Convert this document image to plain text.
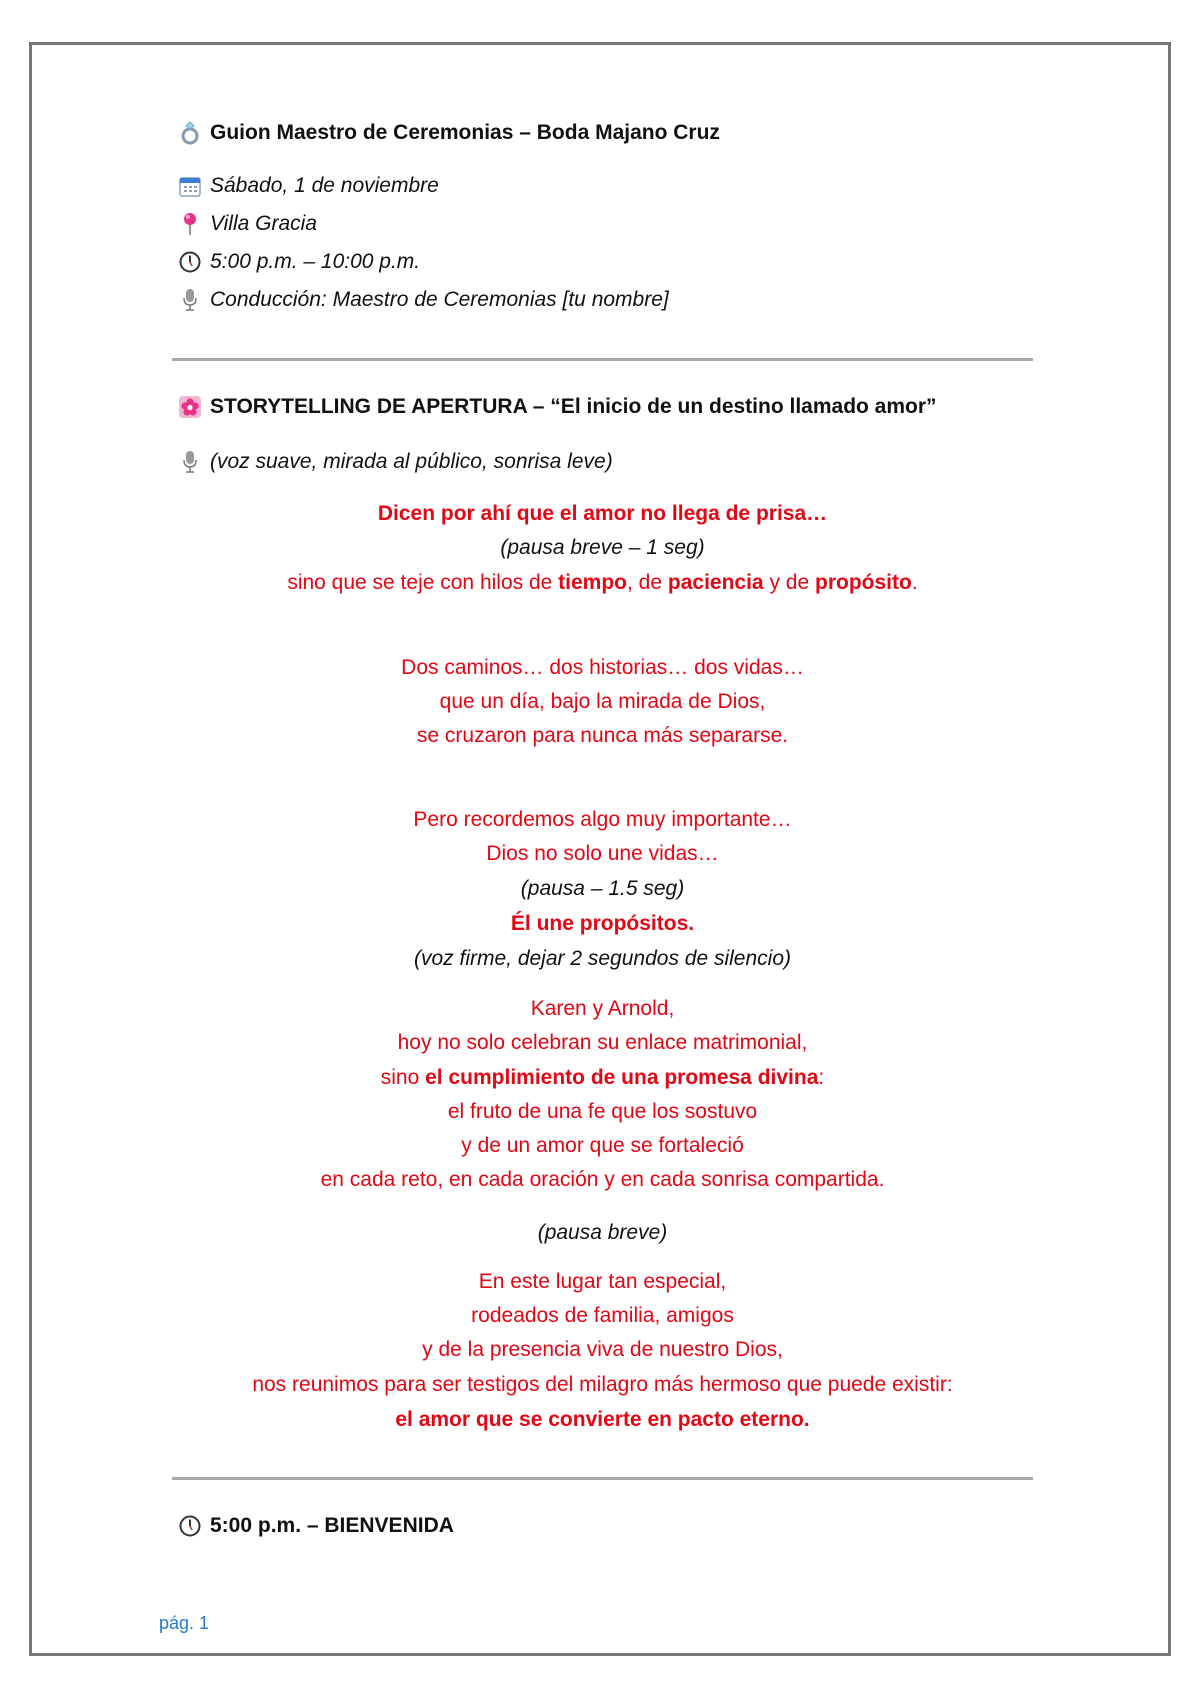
Guion Maestro de Ceremonias – Boda Majano Cruz
Sábado, 1 de noviembre
Villa Gracia
5:00 p.m. – 10:00 p.m.
Conducción: Maestro de Ceremonias [tu nombre]
STORYTELLING DE APERTURA – “El inicio de un destino llamado amor”
(voz suave, mirada al público, sonrisa leve)
Dicen por ahí que el amor no llega de prisa…
(pausa breve – 1 seg)
sino que se teje con hilos de tiempo, de paciencia y de propósito.
Dos caminos… dos historias… dos vidas…
que un día, bajo la mirada de Dios,
se cruzaron para nunca más separarse.
Pero recordemos algo muy importante…
Dios no solo une vidas…
(pausa – 1.5 seg)
Él une propósitos.
(voz firme, dejar 2 segundos de silencio)
Karen y Arnold,
hoy no solo celebran su enlace matrimonial,
sino el cumplimiento de una promesa divina:
el fruto de una fe que los sostuvo
y de un amor que se fortaleció
en cada reto, en cada oración y en cada sonrisa compartida.
(pausa breve)
En este lugar tan especial,
rodeados de familia, amigos
y de la presencia viva de nuestro Dios,
nos reunimos para ser testigos del milagro más hermoso que puede existir:
el amor que se convierte en pacto eterno.
5:00 p.m. – BIENVENIDA
pág. 1
